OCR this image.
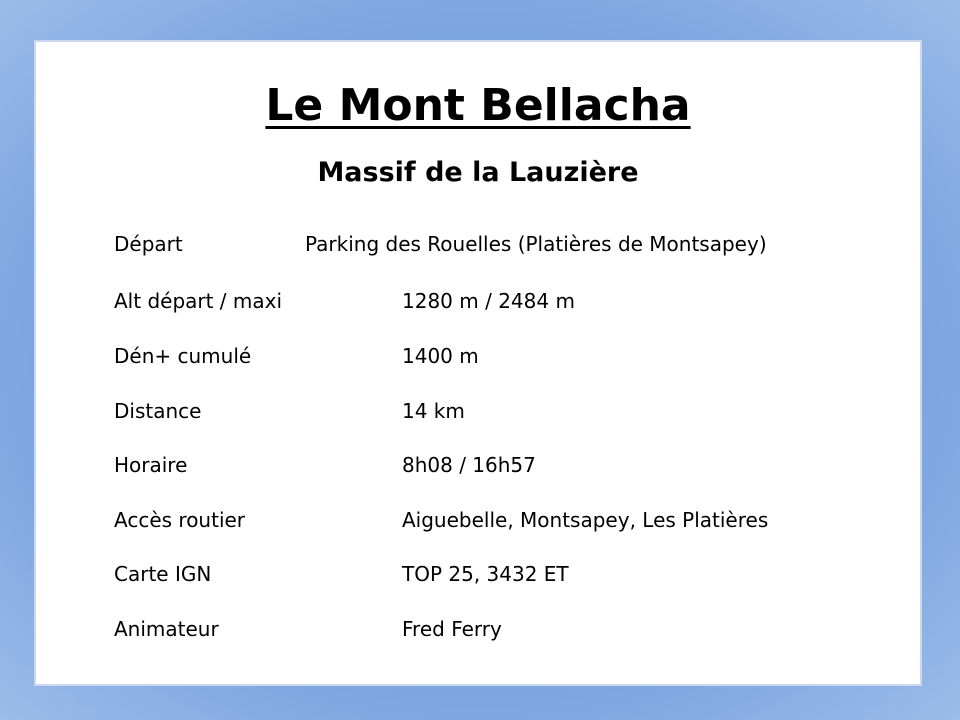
Le Mont Bellacha
Massif de la Lauzière
Départ	Parking des Rouelles (Platières de Montsapey)
Alt départ / maxi	1280 m / 2484 m
Dén+ cumulé	1400 m
Distance	14 km
Horaire	8h08 / 16h57
Accès routier	Aiguebelle, Montsapey, Les Platières
Carte IGN	TOP 25, 3432 ET
Animateur	Fred Ferry
